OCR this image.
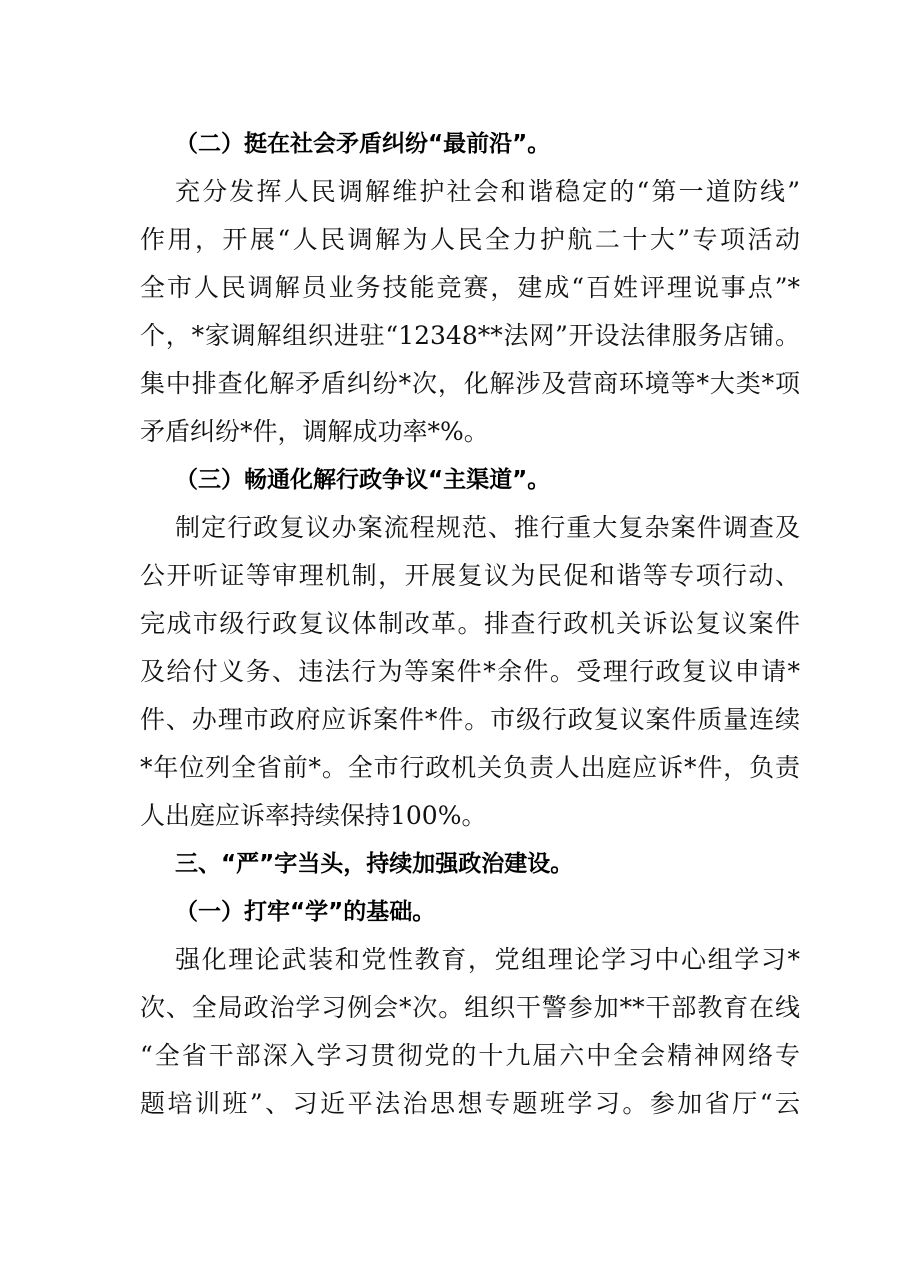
（二）挺在社会矛盾纠纷“最前沿”。

充分发挥人民调解维护社会和谐稳定的“第一道防线”

作用，开展“人民调解为人民全力护航二十大”专项活动

全市人民调解员业务技能竞赛，建成“百姓评理说事点”*

个，*家调解组织进驻“12348**法网”开设法律服务店铺。

集中排查化解矛盾纠纷*次，化解涉及营商环境等*大类*项

矛盾纠纷*件，调解成功率*%。

（三）畅通化解行政争议“主渠道”。

制定行政复议办案流程规范、推行重大复杂案件调查及

公开听证等审理机制，开展复议为民促和谐等专项行动、

完成市级行政复议体制改革。排查行政机关诉讼复议案件

及给付义务、违法行为等案件*余件。受理行政复议申请*

件、办理市政府应诉案件*件。市级行政复议案件质量连续

*年位列全省前*。全市行政机关负责人出庭应诉*件，负责

人出庭应诉率持续保持100%。

三、“严”字当头，持续加强政治建设。
（一）打牢“学”的基础。

强化理论武装和党性教育，党组理论学习中心组学习*

次、全局政治学习例会*次。组织干警参加**干部教育在线

“全省干部深入学习贯彻党的十九届六中全会精神网络专

题培训班”、习近平法治思想专题班学习。参加省厅“云
